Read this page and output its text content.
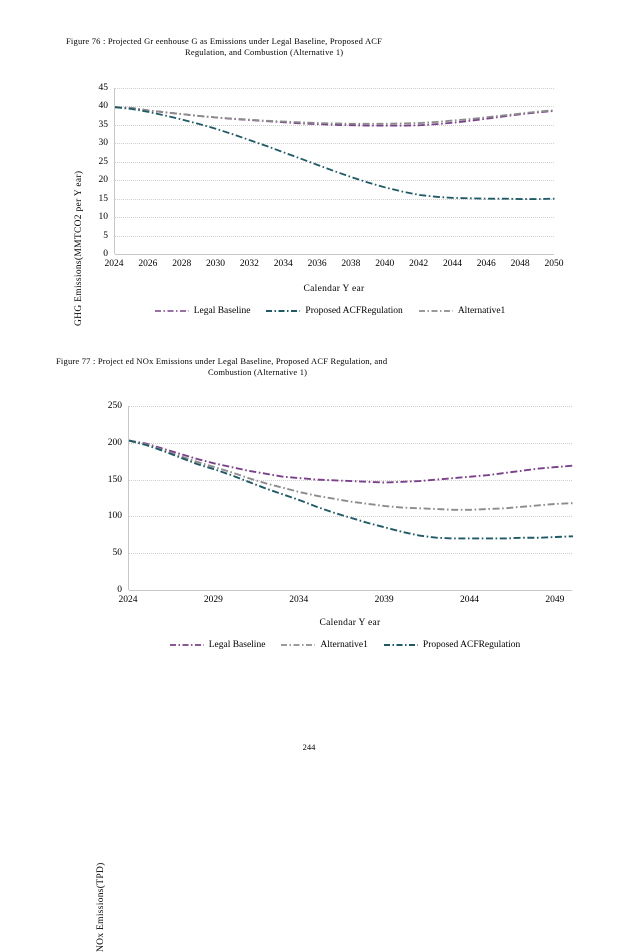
Figure 76 : Projected Gr eenhouse G as Emissions under Legal Baseline, Proposed ACF
Regulation, and Combustion (Alternative 1)
GHG Emissions(MMTCO2 per Y ear)	0
5
10
15
20
25
30
35
40
45
2024	2026	2028	2030	2032	2034	2036	2038	2040	2042	2044	2046	2048	2050
Calendar Y ear
Legal Baseline	Proposed ACFRegulation	Alternative1
Figure 77 : Project ed NOx Emissions under Legal Baseline, Proposed ACF Regulation, and
Combustion (Alternative 1)
NOx Emissions(TPD)
0
50
100
150
200
250
2024	2029	2034	2039	2044	2049
Calendar Y ear
Legal Baseline	Alternative1	Proposed ACFRegulation
244
